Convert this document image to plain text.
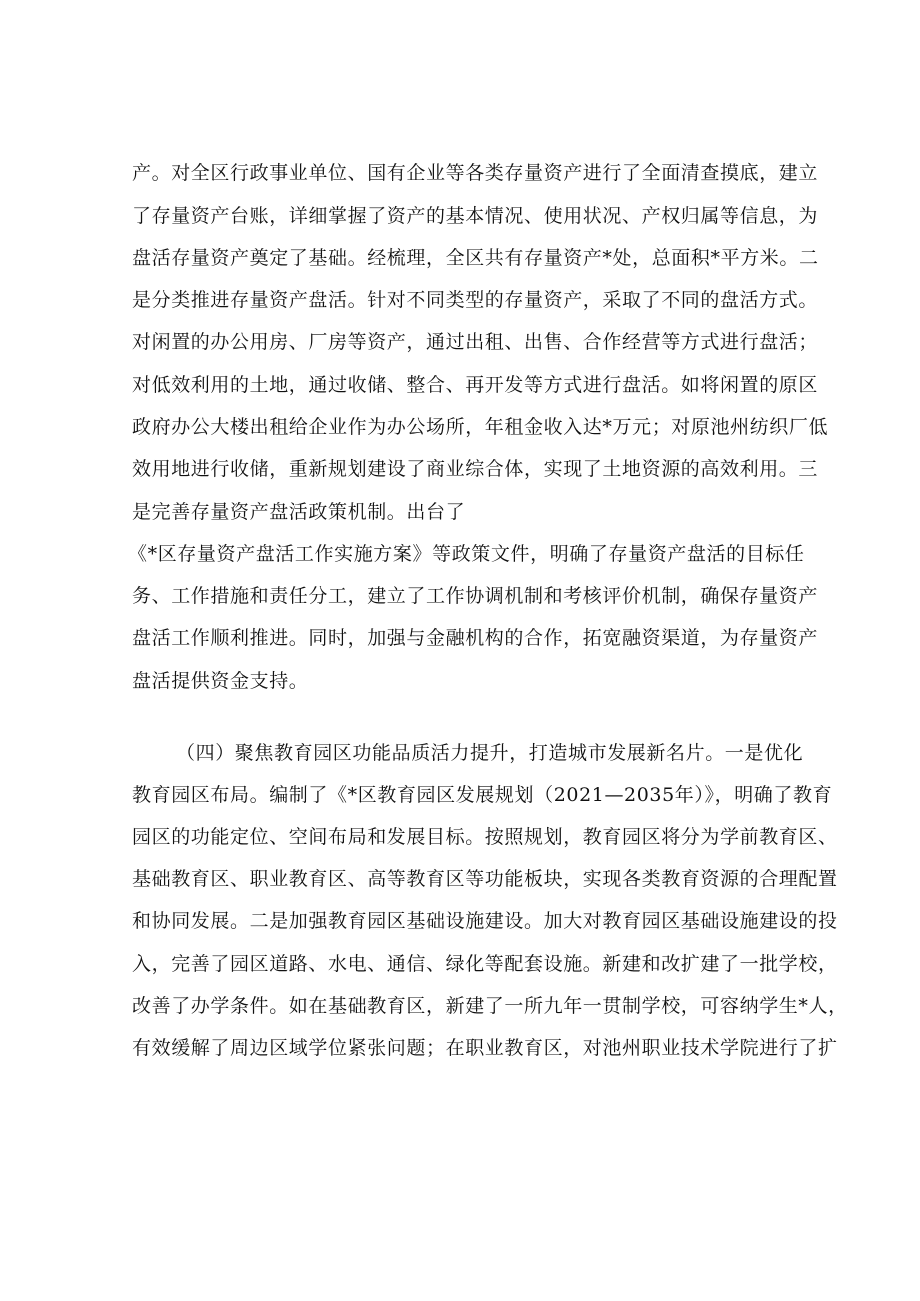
产。对全区行政事业单位、国有企业等各类存量资产进行了全面清查摸底，建立
了存量资产台账，详细掌握了资产的基本情况、使用状况、产权归属等信息，为
盘活存量资产奠定了基础。经梳理，全区共有存量资产*处，总面积*平方米。二
是分类推进存量资产盘活。针对不同类型的存量资产，采取了不同的盘活方式。
对闲置的办公用房、厂房等资产，通过出租、出售、合作经营等方式进行盘活；
对低效利用的土地，通过收储、整合、再开发等方式进行盘活。如将闲置的原区
政府办公大楼出租给企业作为办公场所，年租金收入达*万元；对原池州纺织厂低
效用地进行收储，重新规划建设了商业综合体，实现了土地资源的高效利用。三
是完善存量资产盘活政策机制。出台了
《*区存量资产盘活工作实施方案》等政策文件，明确了存量资产盘活的目标任
务、工作措施和责任分工，建立了工作协调机制和考核评价机制，确保存量资产
盘活工作顺利推进。同时，加强与金融机构的合作，拓宽融资渠道，为存量资产
盘活提供资金支持。
（四）聚焦教育园区功能品质活力提升，打造城市发展新名片。一是优化
教育园区布局。编制了《*区教育园区发展规划（2021—2035年）》，明确了教育
园区的功能定位、空间布局和发展目标。按照规划，教育园区将分为学前教育区、
基础教育区、职业教育区、高等教育区等功能板块，实现各类教育资源的合理配置
和协同发展。二是加强教育园区基础设施建设。加大对教育园区基础设施建设的投
入，完善了园区道路、水电、通信、绿化等配套设施。新建和改扩建了一批学校，
改善了办学条件。如在基础教育区，新建了一所九年一贯制学校，可容纳学生*人，
有效缓解了周边区域学位紧张问题；在职业教育区，对池州职业技术学院进行了扩
